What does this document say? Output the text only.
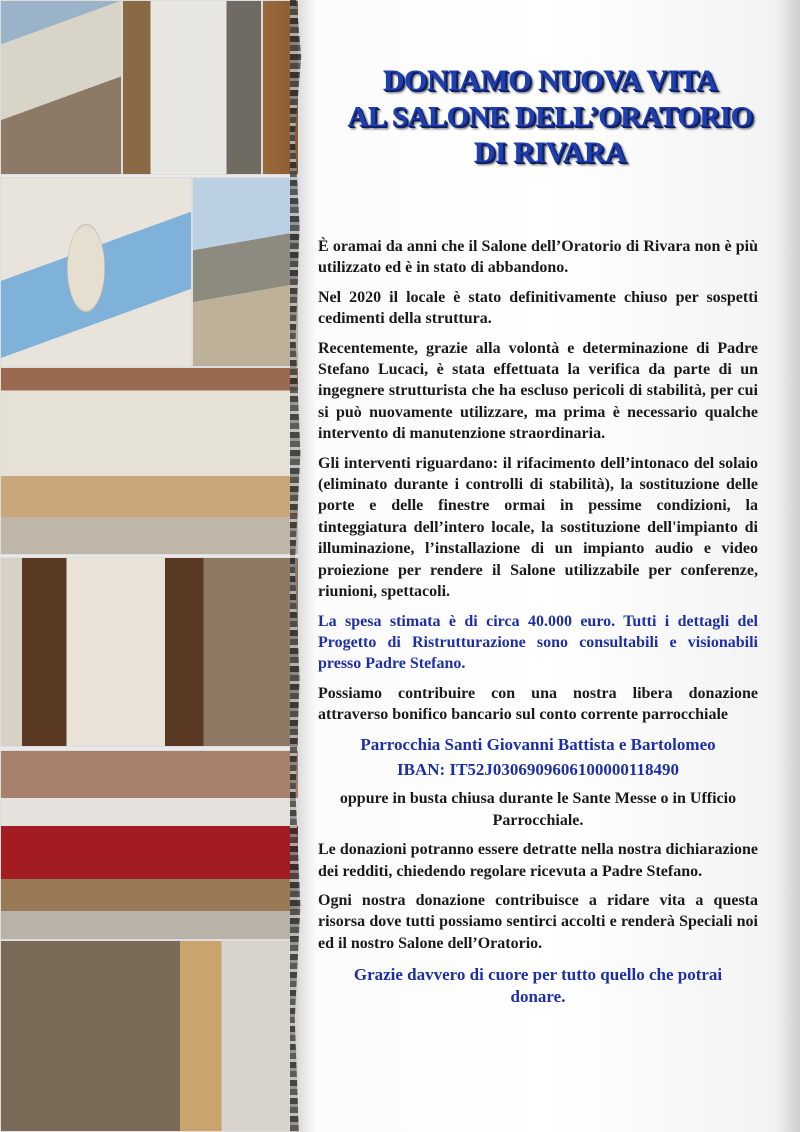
DONIAMO NUOVA VITA
AL SALONE DELL’ORATORIO
DI RIVARA

È oramai da anni che il Salone dell’Oratorio di Rivara non è più utilizzato ed è in stato di abbandono.

Nel 2020 il locale è stato definitivamente chiuso per sospetti cedimenti della struttura.

Recentemente, grazie alla volontà e determinazione di Padre Stefano Lucaci, è stata effettuata la verifica da parte di un ingegnere strutturista che ha escluso pericoli di stabilità, per cui si può nuovamente utilizzare, ma prima è necessario qualche intervento di manutenzione straordinaria.

Gli interventi riguardano: il rifacimento dell’intonaco del solaio (eliminato durante i controlli di stabilità), la sostituzione delle porte e delle finestre ormai in pessime condizioni, la tinteggiatura dell’intero locale, la sostituzione dell'impianto di illuminazione, l’installazione di un impianto audio e video proiezione per rendere il Salone utilizzabile per conferenze, riunioni, spettacoli.

La spesa stimata è di circa 40.000 euro. Tutti i dettagli del Progetto di Ristrutturazione sono consultabili e visionabili presso Padre Stefano.

Possiamo contribuire con una nostra libera donazione attraverso bonifico bancario sul conto corrente parrocchiale

Parrocchia Santi Giovanni Battista e Bartolomeo

IBAN: IT52J0306909606100000118490

oppure in busta chiusa durante le Sante Messe o in Ufficio Parrocchiale.

Le donazioni potranno essere detratte nella nostra dichiarazione dei redditi, chiedendo regolare ricevuta a Padre Stefano.

Ogni nostra donazione contribuisce a ridare vita a questa risorsa dove tutti possiamo sentirci accolti e renderà Speciali noi ed il nostro Salone dell’Oratorio.

Grazie davvero di cuore per tutto quello che potrai donare.
